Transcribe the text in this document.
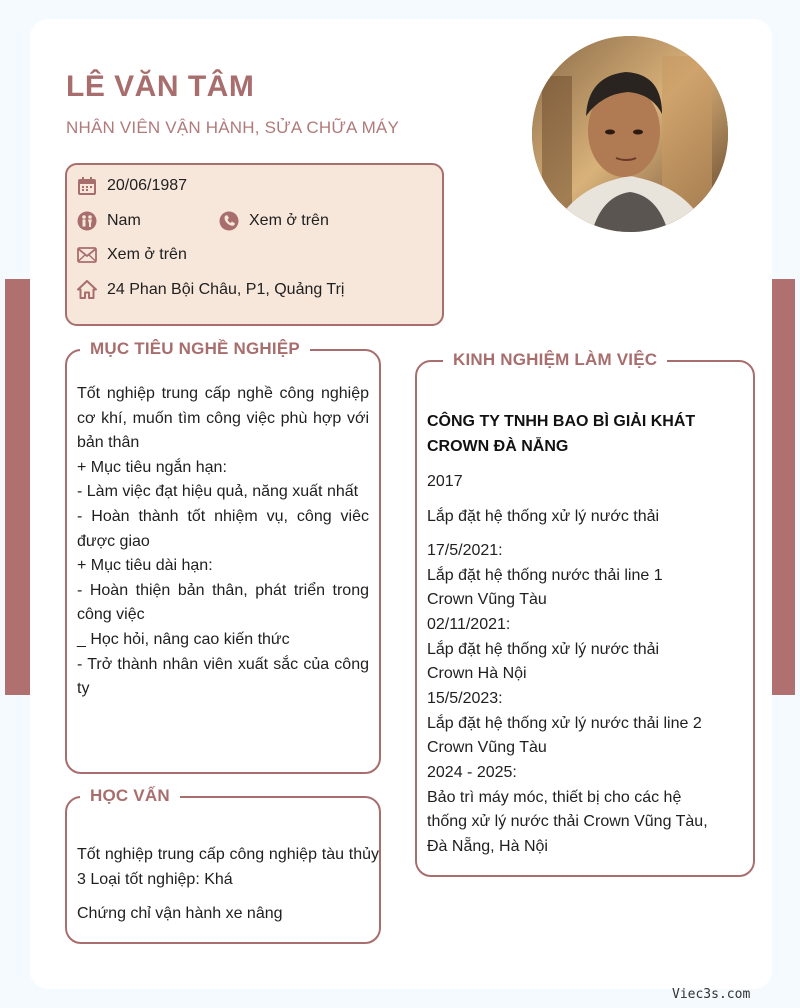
LÊ VĂN TÂM
NHÂN VIÊN VẬN HÀNH, SỬA CHỮA MÁY
20/06/1987
Nam	Xem ở trên
Xem ở trên
24 Phan Bội Châu, P1, Quảng Trị
MỤC TIÊU NGHỀ NGHIỆP

Tốt nghiệp trung cấp nghề công nghiệp cơ khí, muốn tìm công việc phù hợp với bản thân

+ Mục tiêu ngắn hạn:

- Làm việc đạt hiệu quả, năng xuất nhất

- Hoàn thành tốt nhiệm vụ, công viêc được giao

+ Mục tiêu dài hạn:

- Hoàn thiện bản thân, phát triển trong công việc

_ Học hỏi, nâng cao kiến thức

- Trở thành nhân viên xuất sắc của công ty

HỌC VẤN
Tốt nghiệp trung cấp công nghiệp tàu thủy 3 Loại tốt nghiệp: Khá
Chứng chỉ vận hành xe nâng
KINH NGHIỆM LÀM VIỆC
CÔNG TY TNHH BAO BÌ GIẢI KHÁT CROWN ĐÀ NẴNG
2017
Lắp đặt hệ thống xử lý nước thải
17/5/2021:
Lắp đặt hệ thống nước thải line 1
Crown Vũng Tàu
02/11/2021:
Lắp đặt hệ thống xử lý nước thải
Crown Hà Nội
15/5/2023:
Lắp đặt hệ thống xử lý nước thải line 2
Crown Vũng Tàu
2024 - 2025:
Bảo trì máy móc, thiết bị cho các hệ
thống xử lý nước thải Crown Vũng Tàu,
Đà Nẵng, Hà Nội
Viec3s.com
